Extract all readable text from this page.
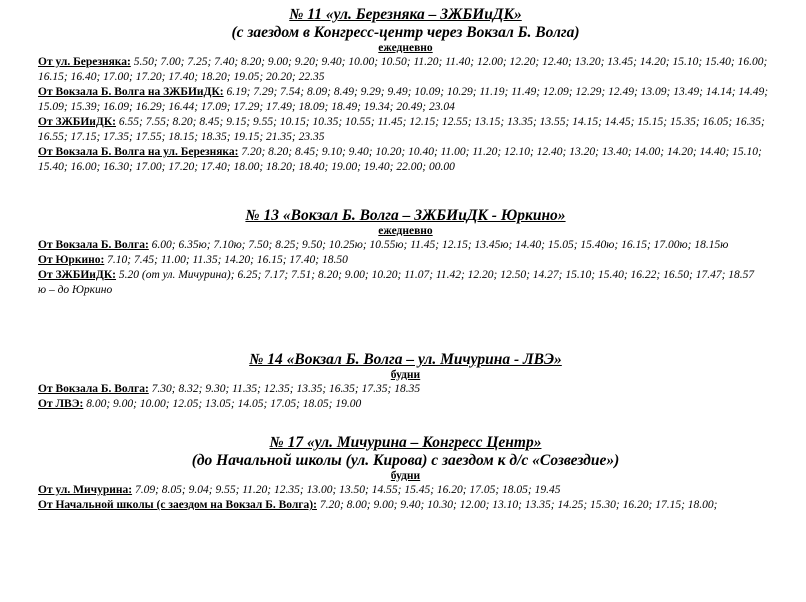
№ 11 «ул. Березняка – ЗЖБИиДК»
(с заездом в Конгресс-центр через Вокзал Б. Волга)
ежедневно

От ул. Березняка: 5.50; 7.00; 7.25; 7.40; 8.20; 9.00; 9.20; 9.40; 10.00; 10.50; 11.20; 11.40; 12.00; 12.20; 12.40; 13.20; 13.45; 14.20; 15.10; 15.40; 16.00; 16.15; 16.40; 17.00; 17.20; 17.40; 18.20; 19.05; 20.20; 22.35

От Вокзала Б. Волга на ЗЖБИиДК: 6.19; 7.29; 7.54; 8.09; 8.49; 9.29; 9.49; 10.09; 10.29; 11.19; 11.49; 12.09; 12.29; 12.49; 13.09; 13.49; 14.14; 14.49; 15.09; 15.39; 16.09; 16.29; 16.44; 17.09; 17.29; 17.49; 18.09; 18.49; 19.34; 20.49; 23.04

От ЗЖБИиДК: 6.55; 7.55; 8.20; 8.45; 9.15; 9.55; 10.15; 10.35; 10.55; 11.45; 12.15; 12.55; 13.15; 13.35; 13.55; 14.15; 14.45; 15.15; 15.35; 16.05; 16.35; 16.55; 17.15; 17.35; 17.55; 18.15; 18.35; 19.15; 21.35; 23.35

От Вокзала Б. Волга на ул. Березняка: 7.20; 8.20; 8.45; 9.10; 9.40; 10.20; 10.40; 11.00; 11.20; 12.10; 12.40; 13.20; 13.40; 14.00; 14.20; 14.40; 15.10; 15.40; 16.00; 16.30; 17.00; 17.20; 17.40; 18.00; 18.20; 18.40; 19.00; 19.40; 22.00; 00.00

№ 13 «Вокзал Б. Волга – ЗЖБИиДК - Юркино»
ежедневно

От Вокзала Б. Волга: 6.00; 6.35ю; 7.10ю; 7.50; 8.25; 9.50; 10.25ю; 10.55ю; 11.45; 12.15; 13.45ю; 14.40; 15.05; 15.40ю; 16.15; 17.00ю; 18.15ю

От Юркино: 7.10; 7.45; 11.00; 11.35; 14.20; 16.15; 17.40; 18.50

От ЗЖБИиДК: 5.20 (от ул. Мичурина); 6.25; 7.17; 7.51; 8.20; 9.00; 10.20; 11.07; 11.42; 12.20; 12.50; 14.27; 15.10; 15.40; 16.22; 16.50; 17.47; 18.57

ю – до Юркино
№ 14 «Вокзал Б. Волга – ул. Мичурина - ЛВЭ»
будни

От Вокзала Б. Волга: 7.30; 8.32; 9.30; 11.35; 12.35; 13.35; 16.35; 17.35; 18.35

От ЛВЭ: 8.00; 9.00; 10.00; 12.05; 13.05; 14.05; 17.05; 18.05; 19.00

№ 17 «ул. Мичурина – Конгресс Центр»
(до Начальной школы (ул. Кирова) с заездом к д/с «Созвездие»)
будни

От ул. Мичурина: 7.09; 8.05; 9.04; 9.55; 11.20; 12.35; 13.00; 13.50; 14.55; 15.45; 16.20; 17.05; 18.05; 19.45

От Начальной школы (с заездом на Вокзал Б. Волга): 7.20; 8.00; 9.00; 9.40; 10.30; 12.00; 13.10; 13.35; 14.25; 15.30; 16.20; 17.15; 18.00;
